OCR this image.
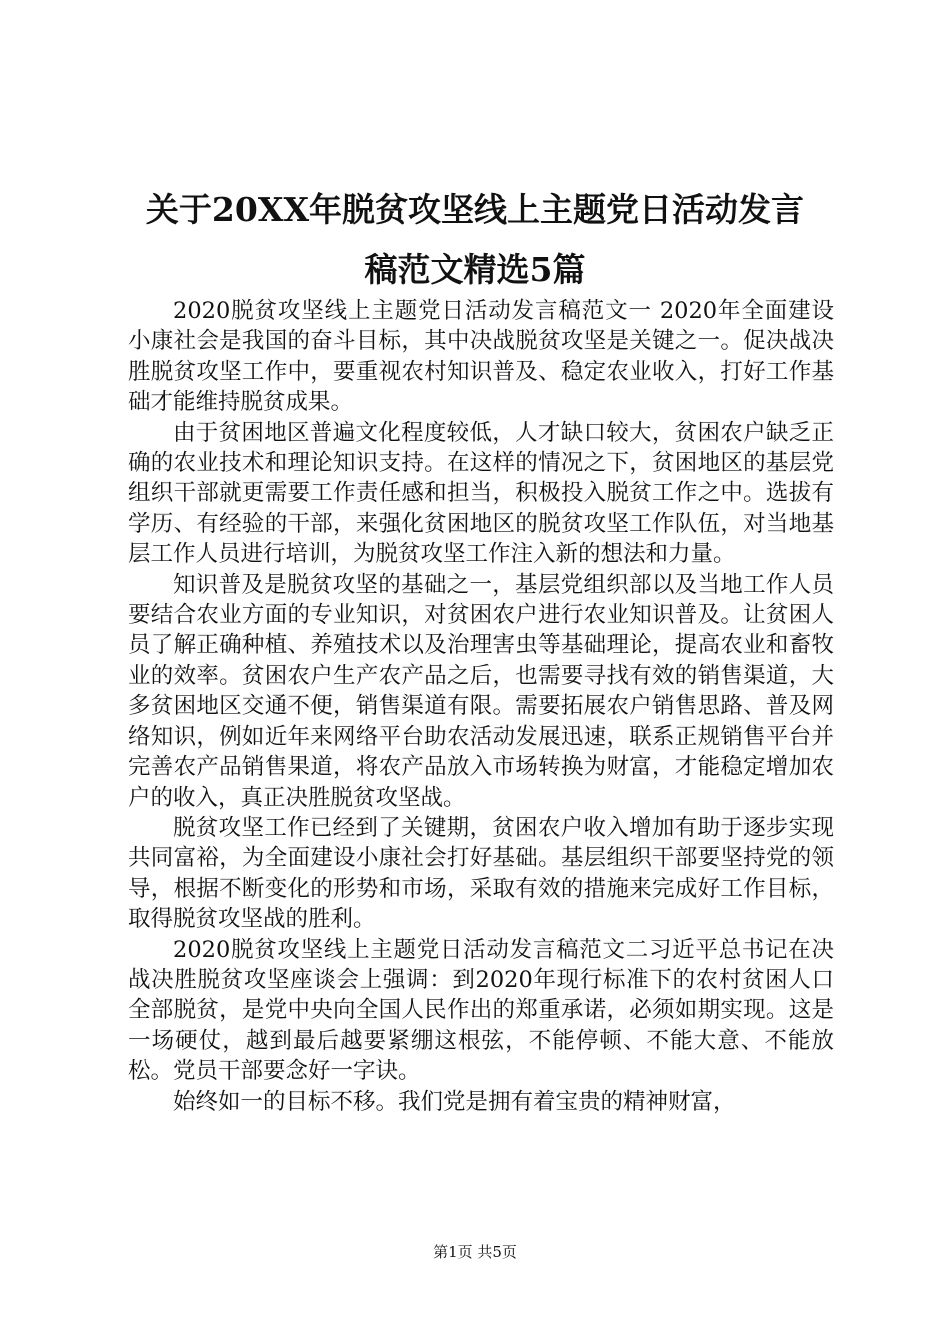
关于20XX年脱贫攻坚线上主题党日活动发言
稿范文精选5篇

2020脱贫攻坚线上主题党日活动发言稿范文一 2020年全面建设小康社会是我国的奋斗目标，其中决战脱贫攻坚是关键之一。促决战决胜脱贫攻坚工作中，要重视农村知识普及、稳定农业收入，打好工作基础才能维持脱贫成果。

由于贫困地区普遍文化程度较低，人才缺口较大，贫困农户缺乏正确的农业技术和理论知识支持。在这样的情况之下，贫困地区的基层党组织干部就更需要工作责任感和担当，积极投入脱贫工作之中。选拔有学历、有经验的干部，来强化贫困地区的脱贫攻坚工作队伍，对当地基层工作人员进行培训，为脱贫攻坚工作注入新的想法和力量。

知识普及是脱贫攻坚的基础之一，基层党组织部以及当地工作人员要结合农业方面的专业知识，对贫困农户进行农业知识普及。让贫困人员了解正确种植、养殖技术以及治理害虫等基础理论，提高农业和畜牧业的效率。贫困农户生产农产品之后，也需要寻找有效的销售渠道，大多贫困地区交通不便，销售渠道有限。需要拓展农户销售思路、普及网络知识，例如近年来网络平台助农活动发展迅速，联系正规销售平台并完善农产品销售果道，将农产品放入市场转换为财富，才能稳定增加农户的收入，真正决胜脱贫攻坚战。

脱贫攻坚工作已经到了关键期，贫困农户收入增加有助于逐步实现共同富裕，为全面建设小康社会打好基础。基层组织干部要坚持党的领导，根据不断变化的形势和市场，采取有效的措施来完成好工作目标，取得脱贫攻坚战的胜利。

2020脱贫攻坚线上主题党日活动发言稿范文二习近平总书记在决战决胜脱贫攻坚座谈会上强调：到2020年现行标准下的农村贫困人口全部脱贫，是党中央向全国人民作出的郑重承诺，必须如期实现。这是一场硬仗，越到最后越要紧绷这根弦，不能停顿、不能大意、不能放松。党员干部要念好一字诀。

始终如一的目标不移。我们党是拥有着宝贵的精神财富，

第1页 共5页
